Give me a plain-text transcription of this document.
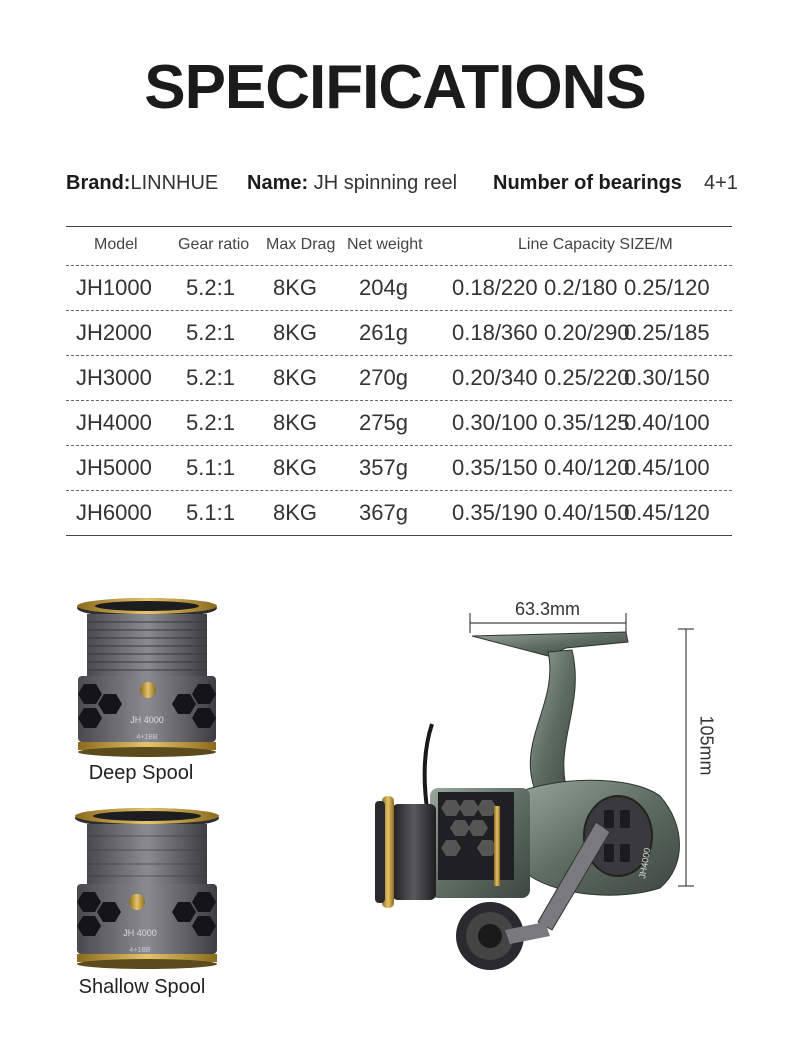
SPECIFICATIONS
Brand:LINNHUE Name: JH spinning reel Number of bearings 4+1
Model	Gear ratio Max Drag Net weight	Line Capacity SIZE/M
JH1000 5.2:1 8KG 204g 0.18/220 0.2/180 0.25/120
JH2000 5.2:1 8KG 261g 0.18/360 0.20/290
0.25/185
JH3000 5.2:1 8KG 270g 0.20/340 0.25/220
0.30/150
JH4000 5.2:1 8KG 275g 0.30/100 0.35/125
0.40/100
JH5000 5.1:1 8KG 357g 0.35/150 0.40/120
0.45/100
JH6000 5.1:1 8KG 367g 0.35/190 0.40/150
0.45/120
JH 4000
4+1BB
Deep Spool
JH 4000
4+1BB
Shallow Spool
JH4000
63.3mm
105mm
